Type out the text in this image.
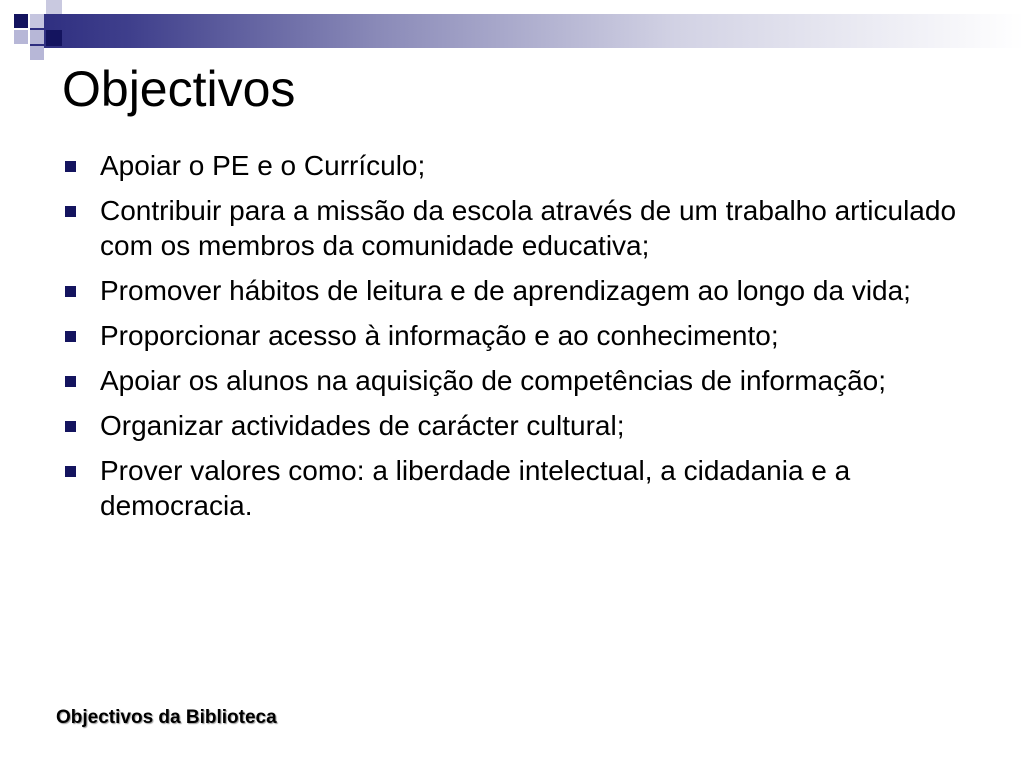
Objectivos
Apoiar o PE e o Currículo;
Contribuir para a missão da escola através de um trabalho articulado com os membros da comunidade educativa;
Promover hábitos de leitura e de aprendizagem ao longo da vida;
Proporcionar acesso à informação e ao conhecimento;
Apoiar os alunos na aquisição de competências de informação;
Organizar actividades de carácter cultural;
Prover valores como: a liberdade intelectual, a cidadania e a democracia.
Objectivos da Biblioteca
